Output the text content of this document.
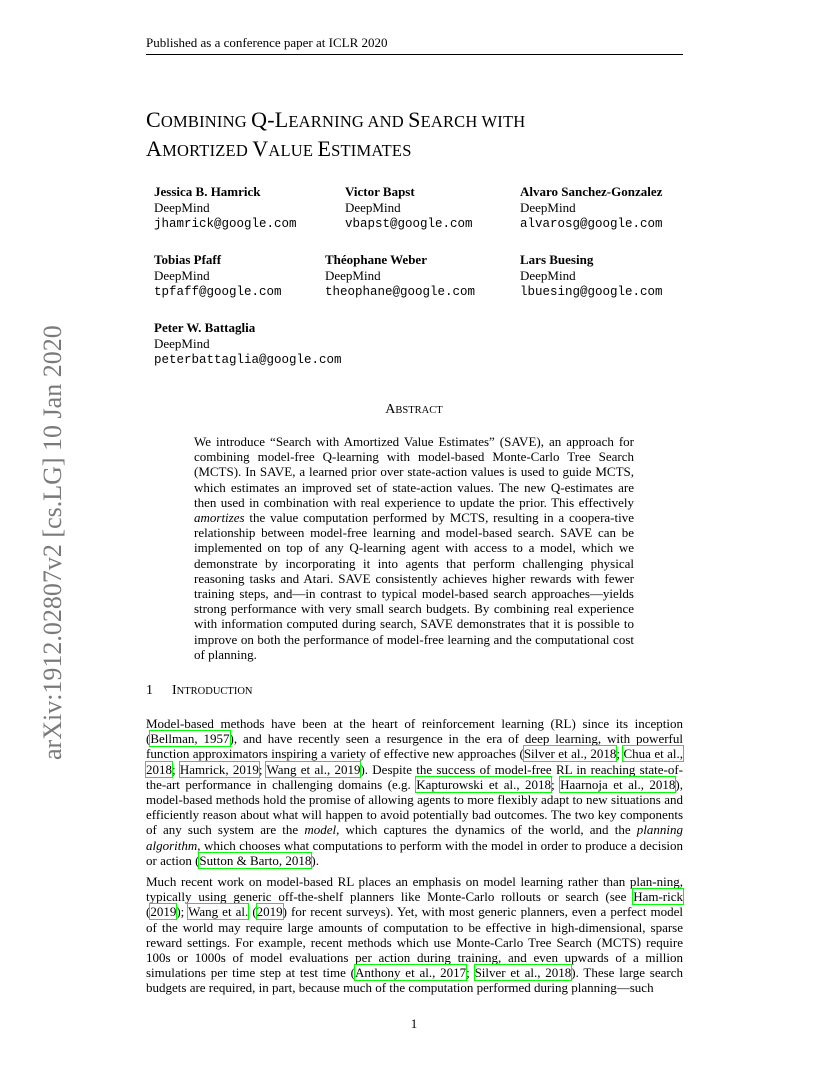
Published as a conference paper at ICLR 2020
COMBINING Q-LEARNING AND SEARCH WITH
AMORTIZED VALUE ESTIMATES
arXiv:1912.02807v2 [cs.LG] 10 Jan 2020
Jessica B. Hamrick
DeepMind
jhamrick@google.com
Victor Bapst
DeepMind
vbapst@google.com
Alvaro Sanchez-Gonzalez
DeepMind
alvarosg@google.com
Tobias Pfaff
DeepMind
tpfaff@google.com
Théophane Weber
DeepMind
theophane@google.com
Lars Buesing
DeepMind
lbuesing@google.com
Peter W. Battaglia
DeepMind
peterbattaglia@google.com
ABSTRACT
We introduce “Search with Amortized Value Estimates” (SAVE), an approach for combining model-free Q-learning with model-based Monte-Carlo Tree Search (MCTS). In SAVE, a learned prior over state-action values is used to guide MCTS, which estimates an improved set of state-action values. The new Q-estimates are then used in combination with real experience to update the prior. This effectively amortizes the value computation performed by MCTS, resulting in a coopera-tive relationship between model-free learning and model-based search. SAVE can be implemented on top of any Q-learning agent with access to a model, which we demonstrate by incorporating it into agents that perform challenging physical reasoning tasks and Atari. SAVE consistently achieves higher rewards with fewer training steps, and—in contrast to typical model-based search approaches—yields strong performance with very small search budgets. By combining real experience with information computed during search, SAVE demonstrates that it is possible to improve on both the performance of model-free learning and the computational cost of planning.
1 INTRODUCTION
Model-based methods have been at the heart of reinforcement learning (RL) since its inception (Bellman, 1957), and have recently seen a resurgence in the era of deep learning, with powerful function approximators inspiring a variety of effective new approaches (Silver et al., 2018; Chua et al., 2018; Hamrick, 2019; Wang et al., 2019). Despite the success of model-free RL in reaching state-of-the-art performance in challenging domains (e.g. Kapturowski et al., 2018; Haarnoja et al., 2018), model-based methods hold the promise of allowing agents to more flexibly adapt to new situations and efficiently reason about what will happen to avoid potentially bad outcomes. The two key components of any such system are the model, which captures the dynamics of the world, and the planning algorithm, which chooses what computations to perform with the model in order to produce a decision or action (Sutton & Barto, 2018).
Much recent work on model-based RL places an emphasis on model learning rather than plan-ning, typically using generic off-the-shelf planners like Monte-Carlo rollouts or search (see Ham-rick (2019); Wang et al. (2019) for recent surveys). Yet, with most generic planners, even a perfect model of the world may require large amounts of computation to be effective in high-dimensional, sparse reward settings. For example, recent methods which use Monte-Carlo Tree Search (MCTS) require 100s or 1000s of model evaluations per action during training, and even upwards of a million simulations per time step at test time (Anthony et al., 2017; Silver et al., 2018). These large search budgets are required, in part, because much of the computation performed during planning—such
1
